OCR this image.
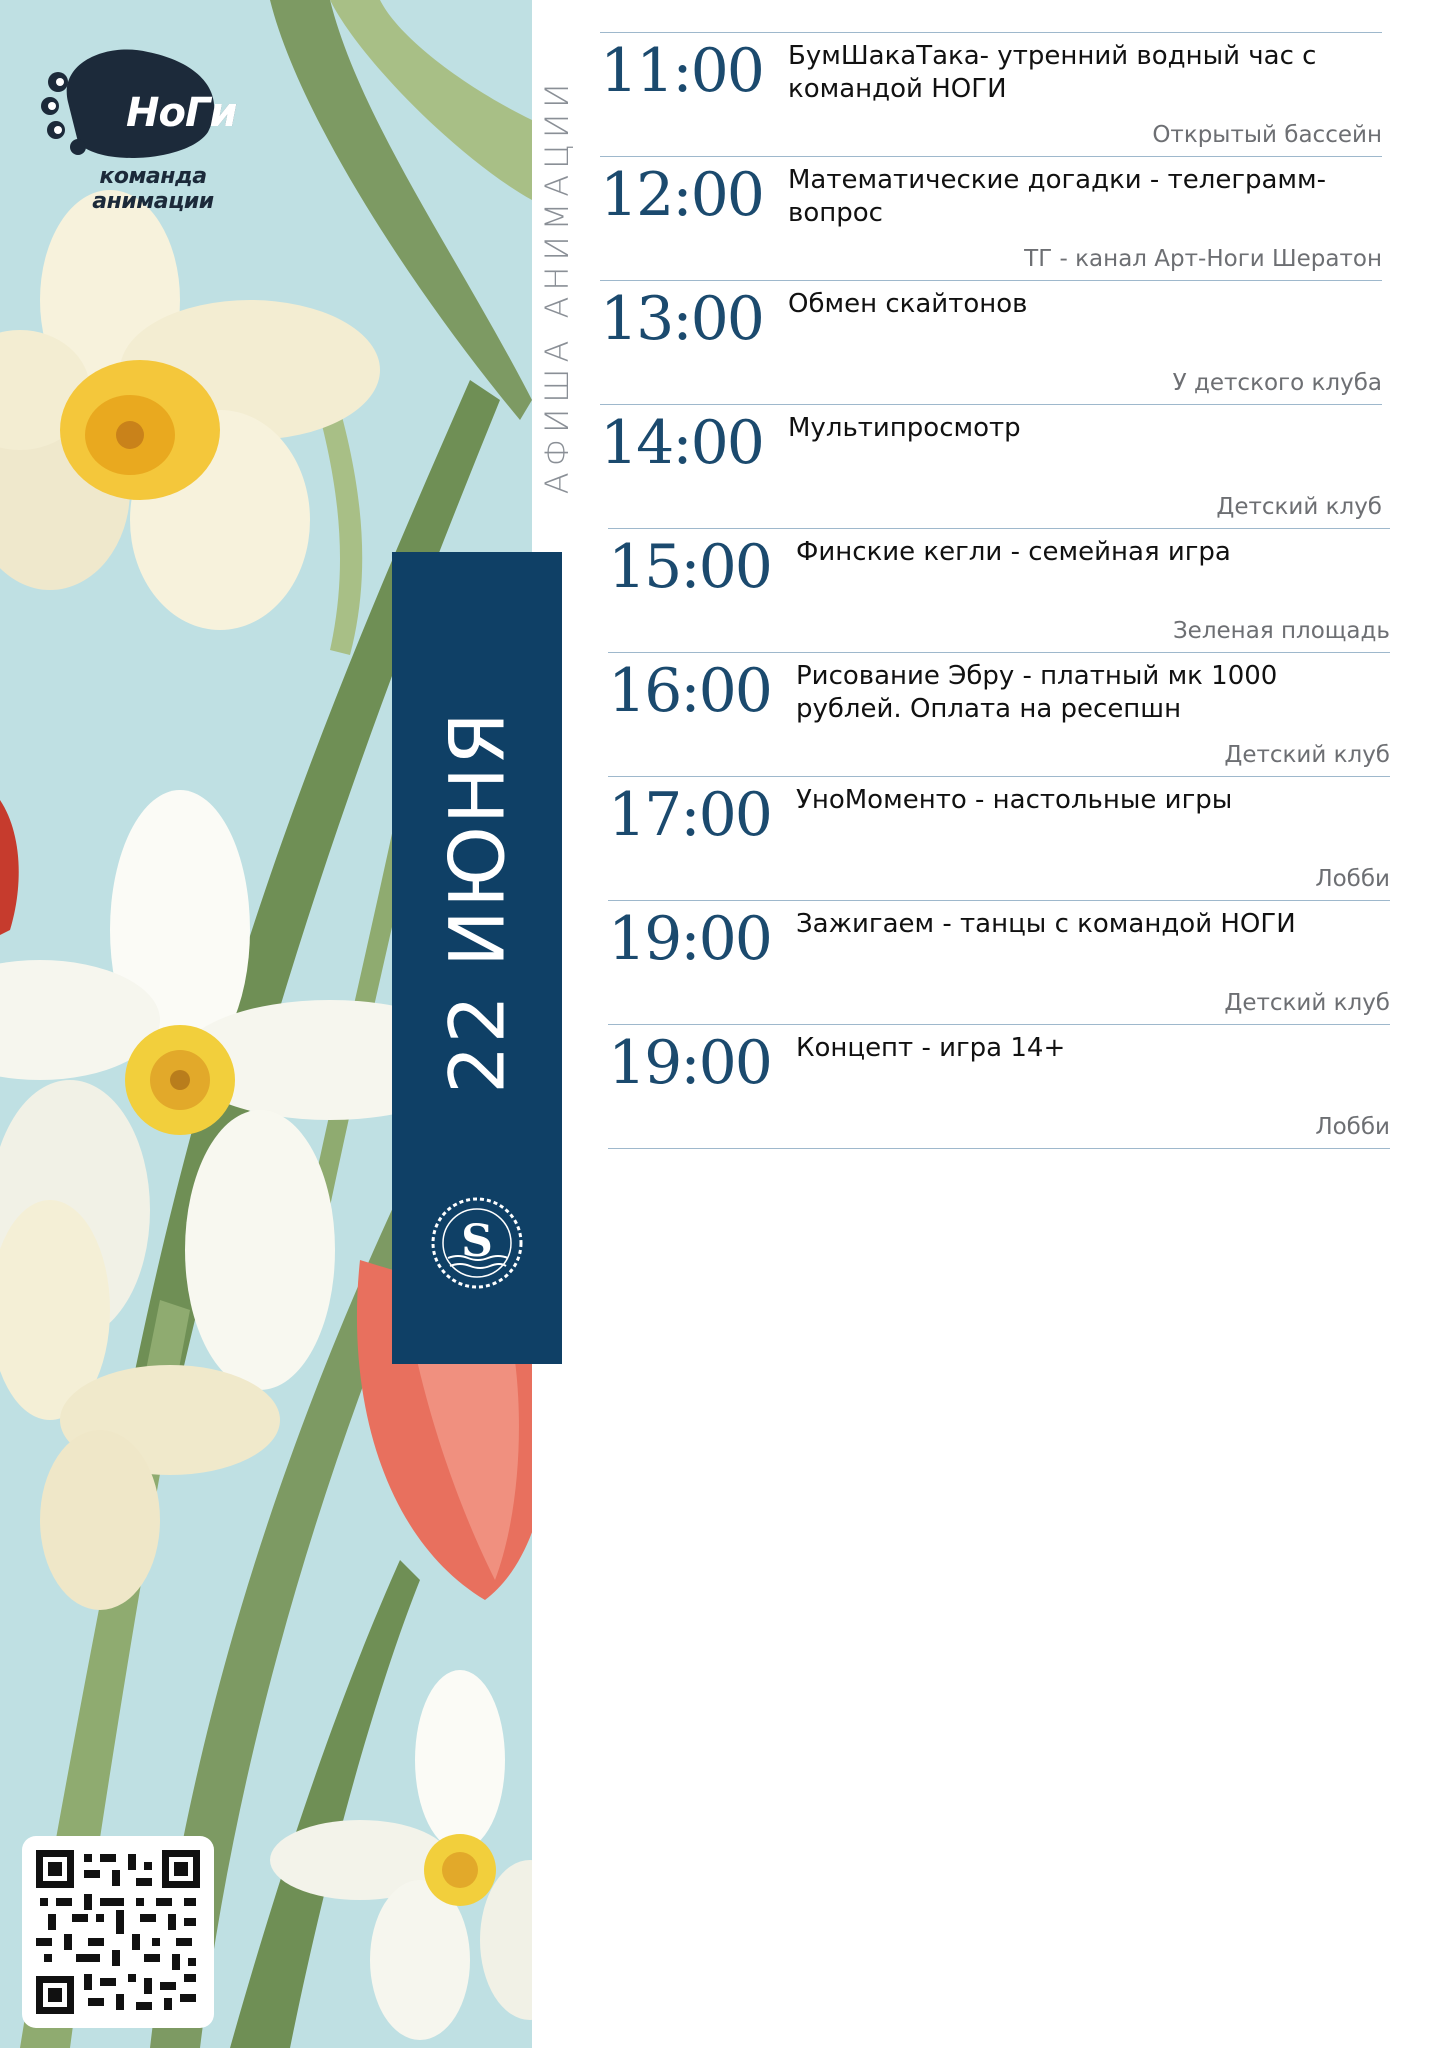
НоГи
команда анимации	АФИША АНИМАЦИИ
22 ИЮНЯ
S
11:00 БумШакаТака- утренний водный час с командой НОГИ
Открытый бассейн
12:00 Математические догадки - телеграмм-вопрос
ТГ - канал Арт-Ноги Шератон
13:00 Обмен скайтонов
У детского клуба
14:00 Мультипросмотр
Детский клуб
15:00 Финские кегли - семейная игра
Зеленая площадь
16:00 Рисование Эбру - платный мк 1000 рублей. Оплата на ресепшн
Детский клуб
17:00 УноМоменто - настольные игры
Лобби
19:00 Зажигаем - танцы с командой НОГИ
Детский клуб
19:00 Концепт - игра 14+
Лобби
